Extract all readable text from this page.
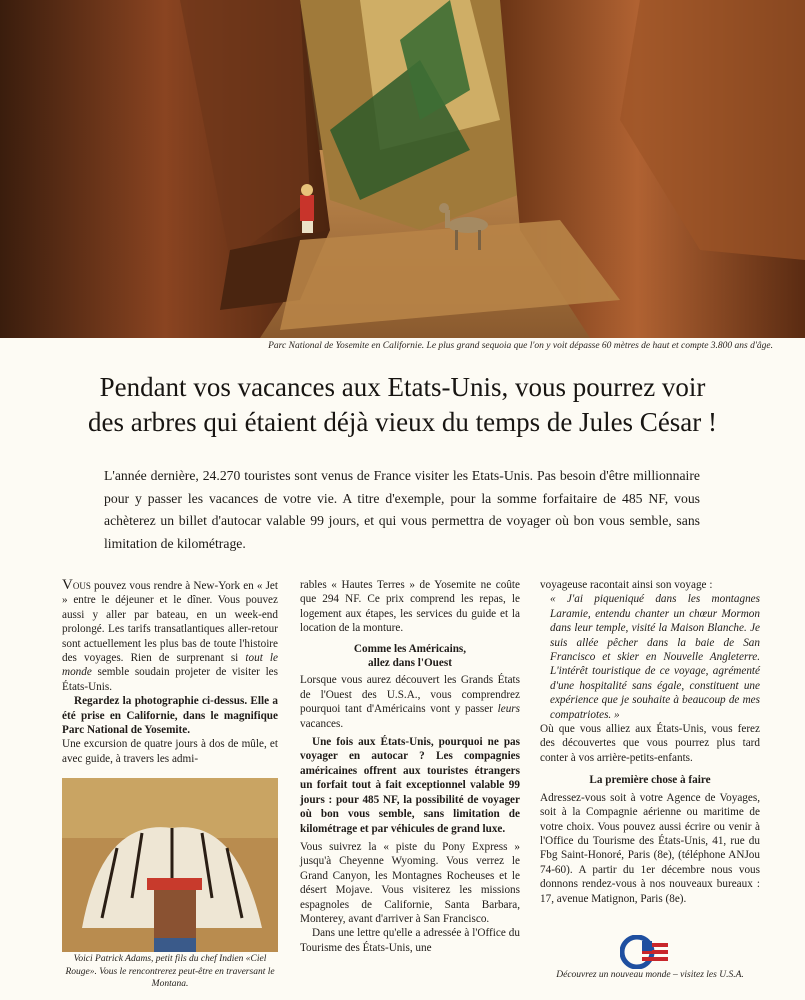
Parc National de Yosemite en Californie. Le plus grand sequoia que l'on y voit dépasse 60 mètres de haut et compte 3.800 ans d'âge.
Pendant vos vacances aux Etats-Unis, vous pourrez voir
des arbres qui étaient déjà vieux du temps de Jules César !

L'année dernière, 24.270 touristes sont venus de France visiter les Etats-Unis. Pas besoin d'être millionnaire pour y passer les vacances de votre vie. A titre d'exemple, pour la somme forfaitaire de 485 NF, vous achèterez un billet d'autocar valable 99 jours, et qui vous permettra de voyager où bon vous semble, sans limitation de kilométrage.

VOUS pouvez vous rendre à New-York en « Jet » entre le déjeuner et le dîner. Vous pouvez aussi y aller par bateau, en un week-end prolongé. Les tarifs transatlantiques aller-retour sont actuellement les plus bas de toute l'histoire des voyages. Rien de surprenant si tout le monde semble soudain projeter de visiter les États-Unis.

Regardez la photographie ci-dessus. Elle a été prise en Californie, dans le magnifique Parc National de Yosemite.

Une excursion de quatre jours à dos de mûle, et avec guide, à travers les admi-

Voici Patrick Adams, petit fils du chef Indien «Ciel Rouge». Vous le rencontrerez peut-être en traversant le Montana.

rables « Hautes Terres » de Yosemite ne coûte que 294 NF. Ce prix comprend les repas, le logement aux étapes, les services du guide et la location de la monture.

Comme les Américains,
allez dans l'Ouest

Lorsque vous aurez découvert les Grands États de l'Ouest des U.S.A., vous comprendrez pourquoi tant d'Américains vont y passer leurs vacances.

Une fois aux États-Unis, pourquoi ne pas voyager en autocar ? Les compagnies américaines offrent aux touristes étrangers un forfait tout à fait exceptionnel valable 99 jours : pour 485 NF, la possibilité de voyager où bon vous semble, sans limitation de kilométrage et par véhicules de grand luxe.

Vous suivrez la « piste du Pony Express » jusqu'à Cheyenne Wyoming. Vous verrez le Grand Canyon, les Montagnes Rocheuses et le désert Mojave. Vous visiterez les missions espagnoles de Californie, Santa Barbara, Monterey, avant d'arriver à San Francisco.

Dans une lettre qu'elle a adressée à l'Office du Tourisme des États-Unis, une

voyageuse racontait ainsi son voyage :

« J'ai piqueniqué dans les montagnes Laramie, entendu chanter un chœur Mormon dans leur temple, visité la Maison Blanche. Je suis allée pêcher dans la baie de San Francisco et skier en Nouvelle Angleterre. L'intérêt touristique de ce voyage, agrémenté d'une hospitalité sans égale, constituent une expérience que je souhaite à beaucoup de mes compatriotes. »

Où que vous alliez aux États-Unis, vous ferez des découvertes que vous pourrez plus tard conter à vos arrière-petits-enfants.

La première chose à faire

Adressez-vous soit à votre Agence de Voyages, soit à la Compagnie aérienne ou maritime de votre choix. Vous pouvez aussi écrire ou venir à l'Office du Tourisme des États-Unis, 41, rue du Fbg Saint-Honoré, Paris (8e), (téléphone ANJou 74-60). A partir du 1er décembre nous vous donnons rendez-vous à nos nouveaux bureaux : 17, avenue Matignon, Paris (8e).

Découvrez un nouveau monde – visitez les U.S.A.
